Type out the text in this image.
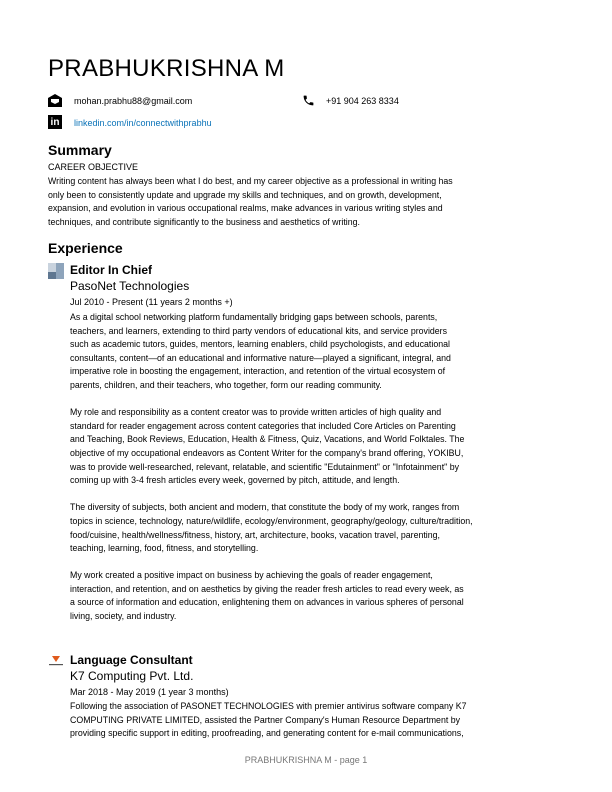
PRABHUKRISHNA M
mohan.prabhu88@gmail.com	+91 904 263 8334
in linkedin.com/in/connectwithprabhu
Summary
CAREER OBJECTIVE
Writing content has always been what I do best, and my career objective as a professional in writing has
only been to consistently update and upgrade my skills and techniques, and on growth, development,
expansion, and evolution in various occupational realms, make advances in various writing styles and
techniques, and contribute significantly to the business and aesthetics of writing.
Experience
Editor In Chief
PasoNet Technologies
Jul 2010 - Present (11 years 2 months +)
As a digital school networking platform fundamentally bridging gaps between schools, parents,
teachers, and learners, extending to third party vendors of educational kits, and service providers
such as academic tutors, guides, mentors, learning enablers, child psychologists, and educational
consultants, content—of an educational and informative nature—played a significant, integral, and
imperative role in boosting the engagement, interaction, and retention of the virtual ecosystem of
parents, children, and their teachers, who together, form our reading community.
My role and responsibility as a content creator was to provide written articles of high quality and
standard for reader engagement across content categories that included Core Articles on Parenting
and Teaching, Book Reviews, Education, Health & Fitness, Quiz, Vacations, and World Folktales. The
objective of my occupational endeavors as Content Writer for the company's brand offering, YOKIBU,
was to provide well-researched, relevant, relatable, and scientific "Edutainment" or "Infotainment" by
coming up with 3-4 fresh articles every week, governed by pitch, attitude, and length.
The diversity of subjects, both ancient and modern, that constitute the body of my work, ranges from
topics in science, technology, nature/wildlife, ecology/environment, geography/geology, culture/tradition,
food/cuisine, health/wellness/fitness, history, art, architecture, books, vacation travel, parenting,
teaching, learning, food, fitness, and storytelling.
My work created a positive impact on business by achieving the goals of reader engagement,
interaction, and retention, and on aesthetics by giving the reader fresh articles to read every week, as
a source of information and education, enlightening them on advances in various spheres of personal
living, society, and industry.
Language Consultant
K7 Computing Pvt. Ltd.
Mar 2018 - May 2019 (1 year 3 months)
Following the association of PASONET TECHNOLOGIES with premier antivirus software company K7
COMPUTING PRIVATE LIMITED, assisted the Partner Company's Human Resource Department by
providing specific support in editing, proofreading, and generating content for e-mail communications,
PRABHUKRISHNA M - page 1
